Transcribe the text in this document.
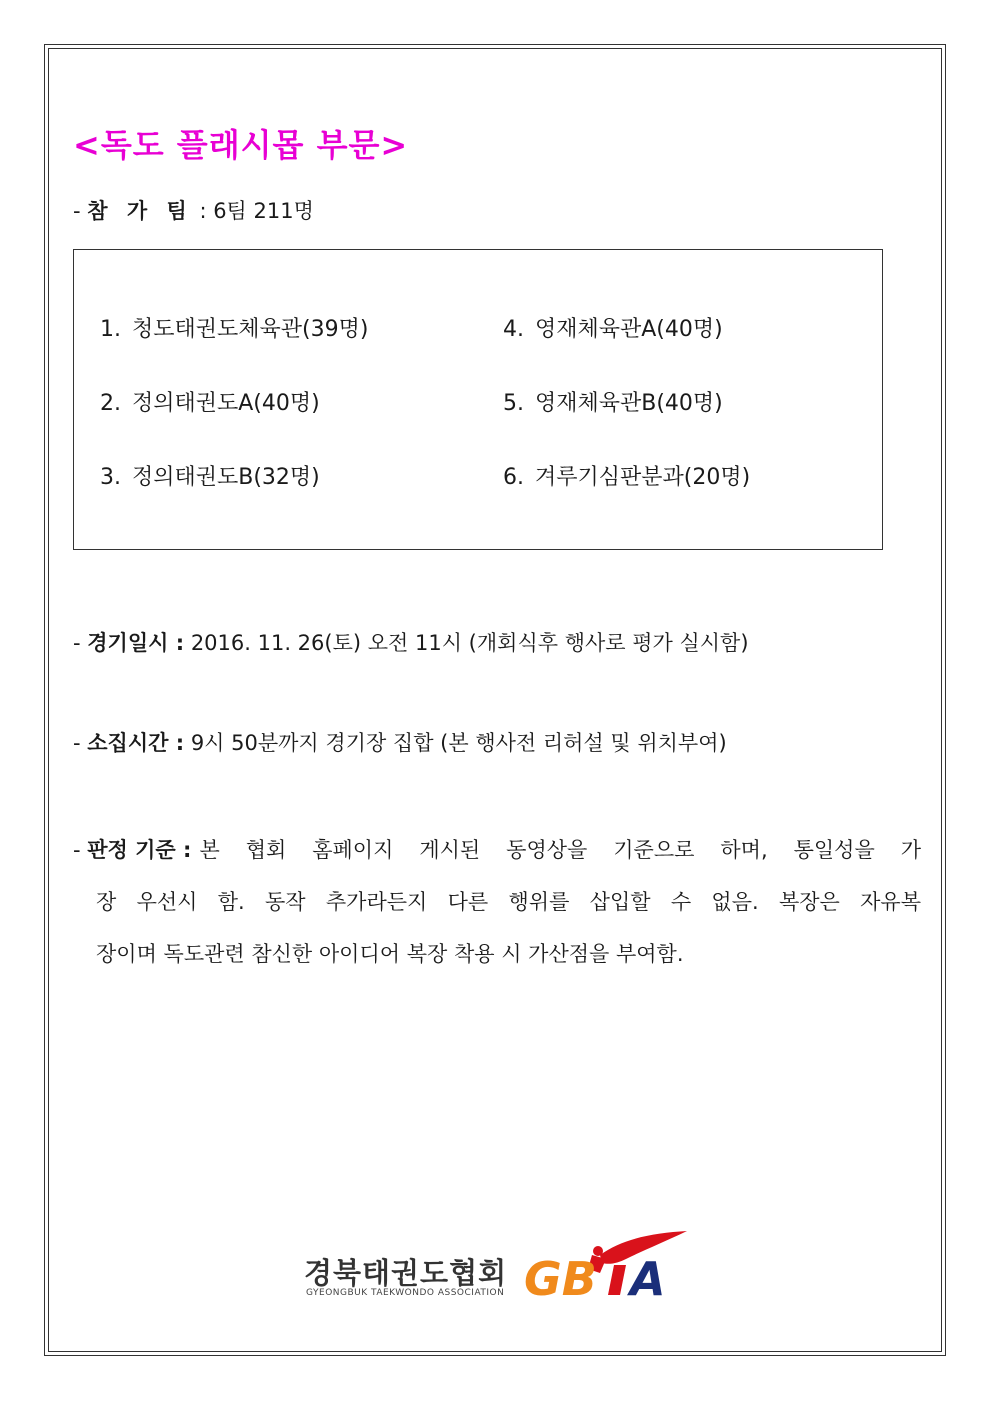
<독도 플래시몹 부문>
- 참 가 팀 : 6팀 211명
1. 청도태권도체육관(39명)
2. 정의태권도A(40명)
3. 정의태권도B(32명)
4. 영재체육관A(40명)
5. 영재체육관B(40명)
6. 겨루기심판분과(20명)
- 경기일시 : 2016. 11. 26(토) 오전 11시 (개회식후 행사로 평가 실시함)
- 소집시간 : 9시 50분까지 경기장 집합 (본 행사전 리허설 및 위치부여)
- 판정 기준 : 본 협회 홈페이지 게시된 동영상을 기준으로 하며, 통일성을 가
장 우선시 함. 동작 추가라든지 다른 행위를 삽입할 수 없음. 복장은 자유복
장이며 독도관련 참신한 아이디어 복장 착용 시 가산점을 부여함.
경북태권도협회
GYEONGBUK TAEKWONDO ASSOCIATION GB A
